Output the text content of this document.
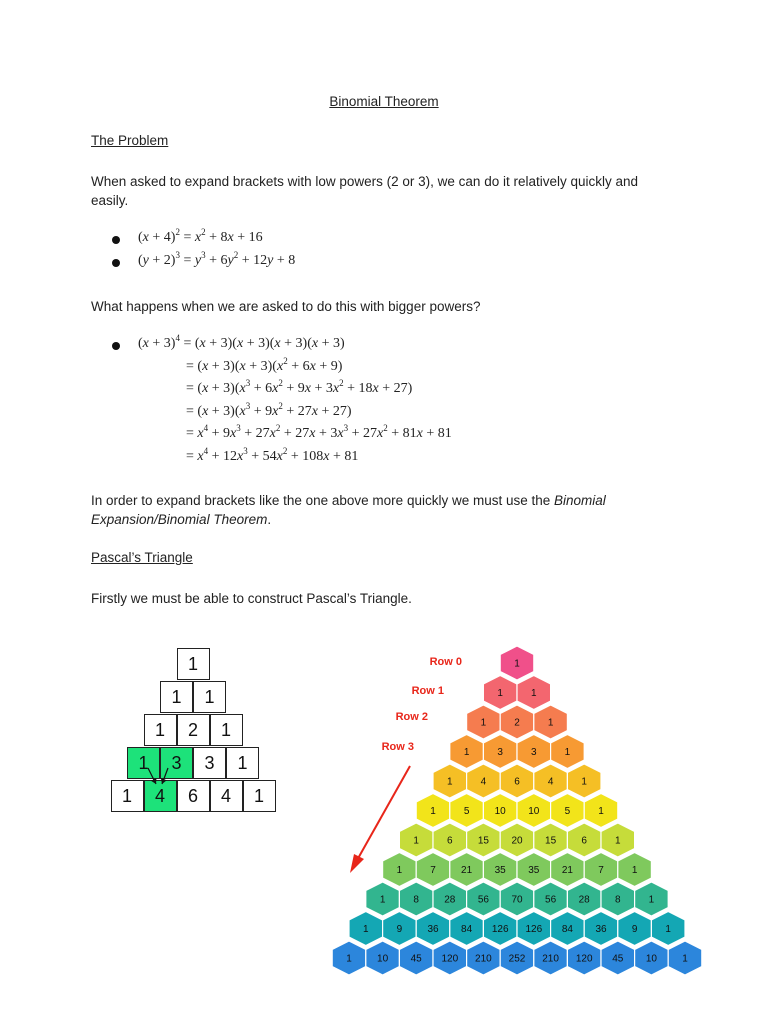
Binomial Theorem
The Problem
When asked to expand brackets with low powers (2 or 3), we can do it relatively quickly and easily.
$(x + 4)^2 = x^2 + 8x + 16$
$(y + 2)^3 = y^3 + 6y^2 + 12y + 8$
What happens when we are asked to do this with bigger powers?
$(x + 3)^4 = (x + 3)(x + 3)(x + 3)(x + 3)$
= $(x + 3)(x + 3)(x^2 + 6x + 9)$
= $(x + 3)(x^3 + 6x^2 + 9x + 3x^2 + 18x + 27)$
= $(x + 3)(x^3 + 9x^2 + 27x + 27)$
= $x^4 + 9x^3 + 27x^2 + 27x + 3x^3 + 27x^2 + 81x + 81$
= $x^4 + 12x^3 + 54x^2 + 108x + 81$
In order to expand brackets like the one above more quickly we must use the Binomial Expansion/Binomial Theorem.
Pascal’s Triangle
Firstly we must be able to construct Pascal’s Triangle.
1
1	1
1	2	1
1	3	3	1
1	4	6	4	1
1
1	1
1	2	1
1	3	3	1
1	4	6	4	1
1	5	10 10	5	1
1	6	15 20 15	6	1
1	7	21 35 35 21	7	1
1	8	28 56 70 56 28	8	1
1	9	36 84 126 126 84 36	9	1
1	10 45 120 210 252 210 120 45 10	1
Row 0
Row 1
Row 2
Row 3
